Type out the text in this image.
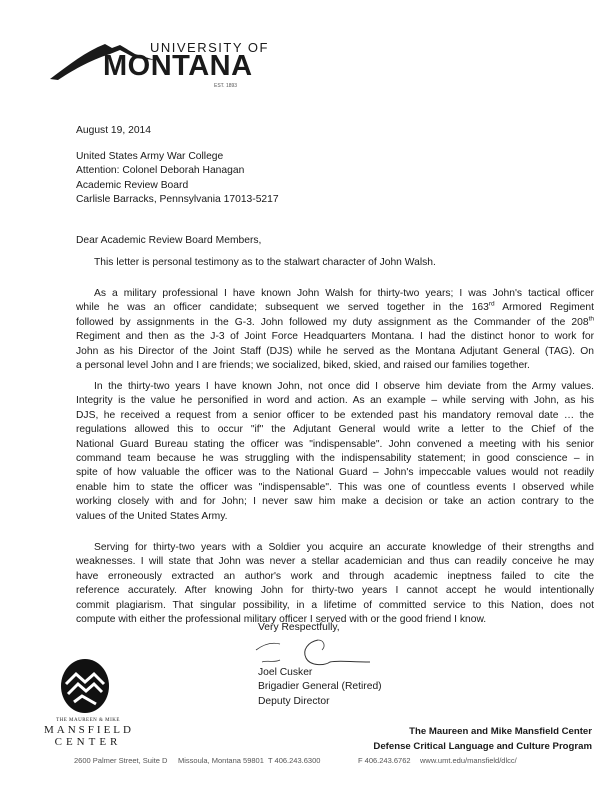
UNIVERSITY OF
MONTANA
EST. 1893
August 19, 2014
United States Army War College
Attention: Colonel Deborah Hanagan
Academic Review Board
Carlisle Barracks, Pennsylvania 17013-5217
Dear Academic Review Board Members,
This letter is personal testimony as to the stalwart character of John Walsh.
As a military professional I have known John Walsh for thirty-two years; I was John's tactical officer
while he was an officer candidate; subsequent we served together in the 163rd Armored Regiment
followed by assignments in the G-3. John followed my duty assignment as the Commander of the 208th
Regiment and then as the J-3 of Joint Force Headquarters Montana. I had the distinct honor to work for
John as his Director of the Joint Staff (DJS) while he served as the Montana Adjutant General (TAG). On
a personal level John and I are friends; we socialized, biked, skied, and raised our families together.
In the thirty-two years I have known John, not once did I observe him deviate from the Army values.
Integrity is the value he personified in word and action. As an example – while serving with John, as his
DJS, he received a request from a senior officer to be extended past his mandatory removal date … the
regulations allowed this to occur "if" the Adjutant General would write a letter to the Chief of the
National Guard Bureau stating the officer was "indispensable". John convened a meeting with his senior
command team because he was struggling with the indispensability statement; in good conscience – in
spite of how valuable the officer was to the National Guard – John's impeccable values would not readily
enable him to state the officer was "indispensable". This was one of countless events I observed while
working closely with and for John; I never saw him make a decision or take an action contrary to the
values of the United States Army.
Serving for thirty-two years with a Soldier you acquire an accurate knowledge of their strengths and
weaknesses. I will state that John was never a stellar academician and thus can readily conceive he may
have erroneously extracted an author's work and through academic ineptness failed to cite the
reference accurately. After knowing John for thirty-two years I cannot accept he would intentionally
commit plagiarism. That singular possibility, in a lifetime of committed service to this Nation, does not
compute with either the professional military officer I served with or the good friend I know.
Very Respectfully,
Joel Cusker
Brigadier General (Retired)
Deputy Director
THE MAUREEN & MIKE
MANSFIELD
CENTER
The Maureen and Mike Mansfield Center
Defense Critical Language and Culture Program
2600 Palmer Street, Suite D Missoula, Montana 59801 T 406.243.6300	F 406.243.6762 www.umt.edu/mansfield/dlcc/
